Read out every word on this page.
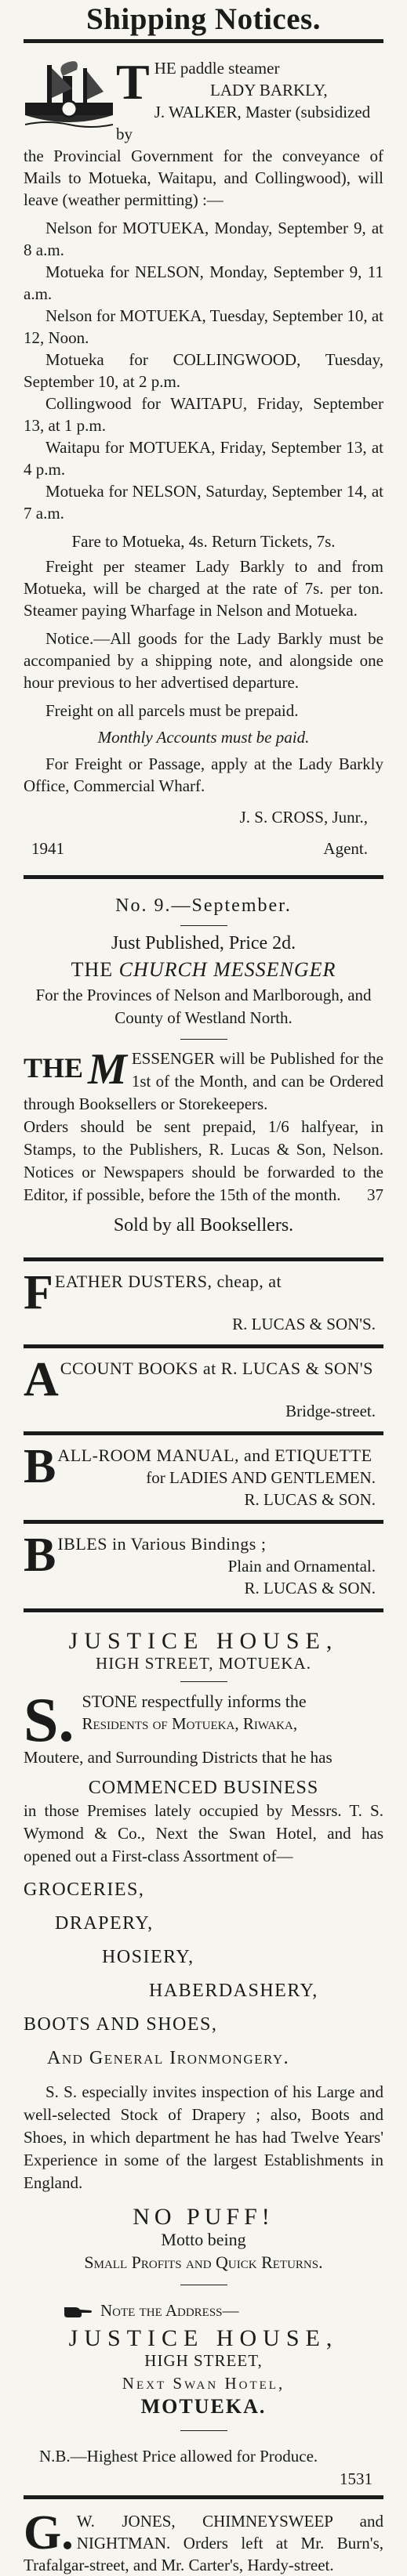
Shipping Notices.
T HE paddle steamer
LADY BARKLY,
J. WALKER, Master (subsidized by

the Provincial Government for the conveyance of Mails to Motueka, Waitapu, and Collingwood), will leave (weather permitting) :—

Nelson for MOTUEKA, Monday, September 9, at 8 a.m.

Motueka for NELSON, Monday, September 9, 11 a.m.

Nelson for MOTUEKA, Tuesday, September 10, at 12, Noon.

Motueka for COLLINGWOOD, Tuesday, September 10, at 2 p.m.

Collingwood for WAITAPU, Friday, September 13, at 1 p.m.

Waitapu for MOTUEKA, Friday, September 13, at 4 p.m.

Motueka for NELSON, Saturday, September 14, at 7 a.m.

Fare to Motueka, 4s. Return Tickets, 7s.

Freight per steamer Lady Barkly to and from Motueka, will be charged at the rate of 7s. per ton. Steamer paying Wharfage in Nelson and Motueka.

Notice.—All goods for the Lady Barkly must be accompanied by a shipping note, and alongside one hour previous to her advertised departure.

Freight on all parcels must be prepaid.

Monthly Accounts must be paid.

For Freight or Passage, apply at the Lady Barkly Office, Commercial Wharf.

J. S. CROSS, Junr.,

1941	Agent.

No. 9.—September.

Just Published, Price 2d.

THE CHURCH MESSENGER

For the Provinces of Nelson and Marlborough, and County of Westland North.

THE M ESSENGER will be Published for the 1st of the Month, and can be Ordered through Booksellers or Storekeepers.

Orders should be sent prepaid, 1/6 halfyear, in Stamps, to the Publishers, R. Lucas & Son, Nelson. Notices or Newspapers should be forwarded to the Editor, if possible, before the 15th of the month.	37

Sold by all Booksellers.

F EATHER DUSTERS, cheap, at

R. LUCAS & SON'S.

A CCOUNT BOOKS at R. LUCAS & SON'S

Bridge-street.

B ALL-ROOM MANUAL, and ETIQUETTE

for LADIES AND GENTLEMEN.

R. LUCAS & SON.

B IBLES in Various Bindings ;

Plain and Ornamental.

R. LUCAS & SON.

JUSTICE HOUSE,

HIGH STREET, MOTUEKA.

S. STONE respectfully informs the

Residents of Motueka, Riwaka,

Moutere, and Surrounding Districts that he has

COMMENCED BUSINESS

in those Premises lately occupied by Messrs. T. S. Wymond & Co., Next the Swan Hotel, and has opened out a First-class Assortment of—

GROCERIES,

DRAPERY,

HOSIERY,

HABERDASHERY,

BOOTS AND SHOES,

And General Ironmongery.

S. S. especially invites inspection of his Large and well-selected Stock of Drapery ; also, Boots and Shoes, in which department he has had Twelve Years' Experience in some of the largest Establishments in England.

NO PUFF!

Motto being

Small Profits and Quick Returns.

Note the Address—

JUSTICE HOUSE,

HIGH STREET,

Next Swan Hotel,

MOTUEKA.

N.B.—Highest Price allowed for Produce.

1531

G. W. JONES, CHIMNEYSWEEP and NIGHTMAN. Orders left at Mr. Burn's, Trafalgar-street, and Mr. Carter's, Hardy-street.
